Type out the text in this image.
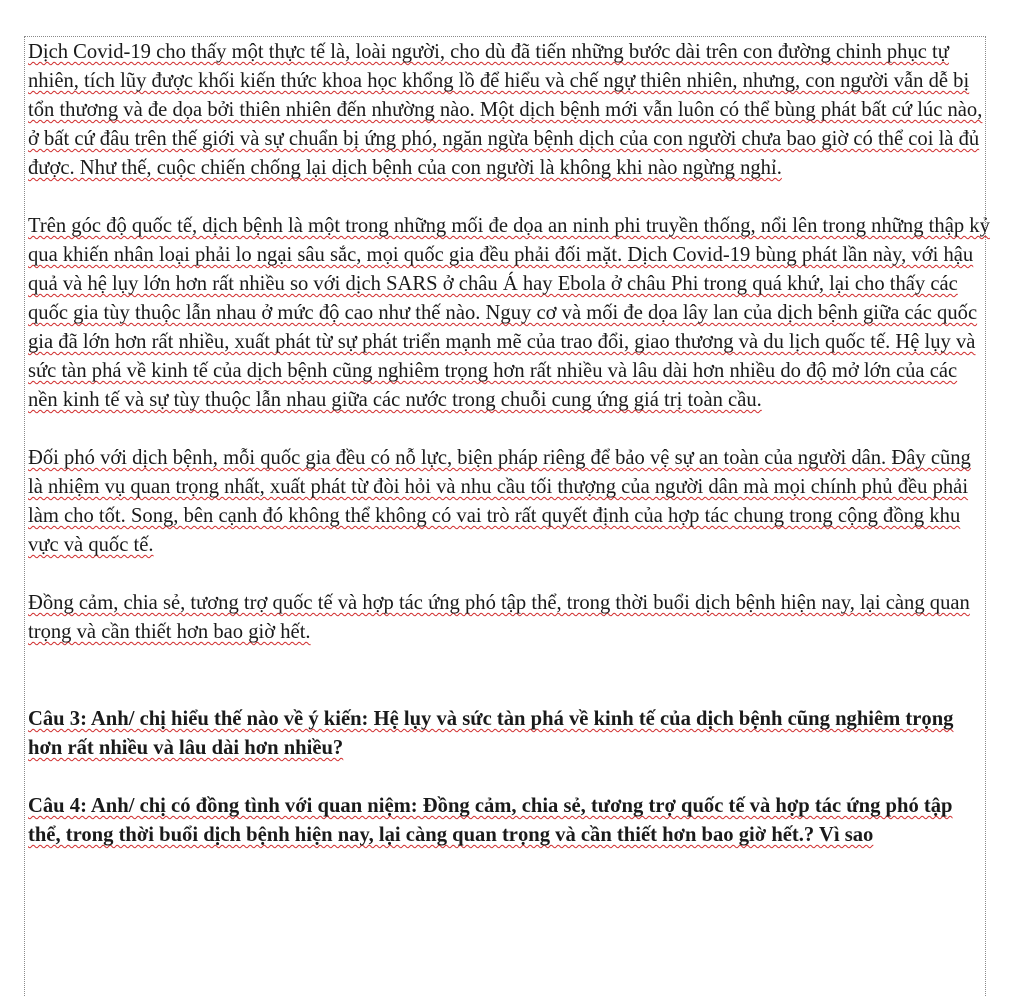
Dịch Covid-19 cho thấy một thực tế là, loài người, cho dù đã tiến những bước dài trên con đường chinh phục tự nhiên, tích lũy được khối kiến thức khoa học khổng lồ để hiểu và chế ngự thiên nhiên, nhưng, con người vẫn dễ bị tổn thương và đe dọa bởi thiên nhiên đến nhường nào. Một dịch bệnh mới vẫn luôn có thể bùng phát bất cứ lúc nào, ở bất cứ đâu trên thế giới và sự chuẩn bị ứng phó, ngăn ngừa bệnh dịch của con người chưa bao giờ có thể coi là đủ được. Như thế, cuộc chiến chống lại dịch bệnh của con người là không khi nào ngừng nghỉ.

Trên góc độ quốc tế, dịch bệnh là một trong những mối đe dọa an ninh phi truyền thống, nổi lên trong những thập kỷ qua khiến nhân loại phải lo ngại sâu sắc, mọi quốc gia đều phải đối mặt. Dịch Covid-19 bùng phát lần này, với hậu quả và hệ lụy lớn hơn rất nhiều so với dịch SARS ở châu Á hay Ebola ở châu Phi trong quá khứ, lại cho thấy các quốc gia tùy thuộc lẫn nhau ở mức độ cao như thế nào. Nguy cơ và mối đe dọa lây lan của dịch bệnh giữa các quốc gia đã lớn hơn rất nhiều, xuất phát từ sự phát triển mạnh mẽ của trao đổi, giao thương và du lịch quốc tế. Hệ lụy và sức tàn phá về kinh tế của dịch bệnh cũng nghiêm trọng hơn rất nhiều và lâu dài hơn nhiều do độ mở lớn của các nền kinh tế và sự tùy thuộc lẫn nhau giữa các nước trong chuỗi cung ứng giá trị toàn cầu.

Đối phó với dịch bệnh, mỗi quốc gia đều có nỗ lực, biện pháp riêng để bảo vệ sự an toàn của người dân. Đây cũng là nhiệm vụ quan trọng nhất, xuất phát từ đòi hỏi và nhu cầu tối thượng của người dân mà mọi chính phủ đều phải làm cho tốt. Song, bên cạnh đó không thể không có vai trò rất quyết định của hợp tác chung trong cộng đồng khu vực và quốc tế.

Đồng cảm, chia sẻ, tương trợ quốc tế và hợp tác ứng phó tập thể, trong thời buổi dịch bệnh hiện nay, lại càng quan trọng và cần thiết hơn bao giờ hết.

Câu 3: Anh/ chị hiểu thế nào về ý kiến: Hệ lụy và sức tàn phá về kinh tế của dịch bệnh cũng nghiêm trọng hơn rất nhiều và lâu dài hơn nhiều?

Câu 4: Anh/ chị có đồng tình với quan niệm: Đồng cảm, chia sẻ, tương trợ quốc tế và hợp tác ứng phó tập thể, trong thời buổi dịch bệnh hiện nay, lại càng quan trọng và cần thiết hơn bao giờ hết.? Vì sao
